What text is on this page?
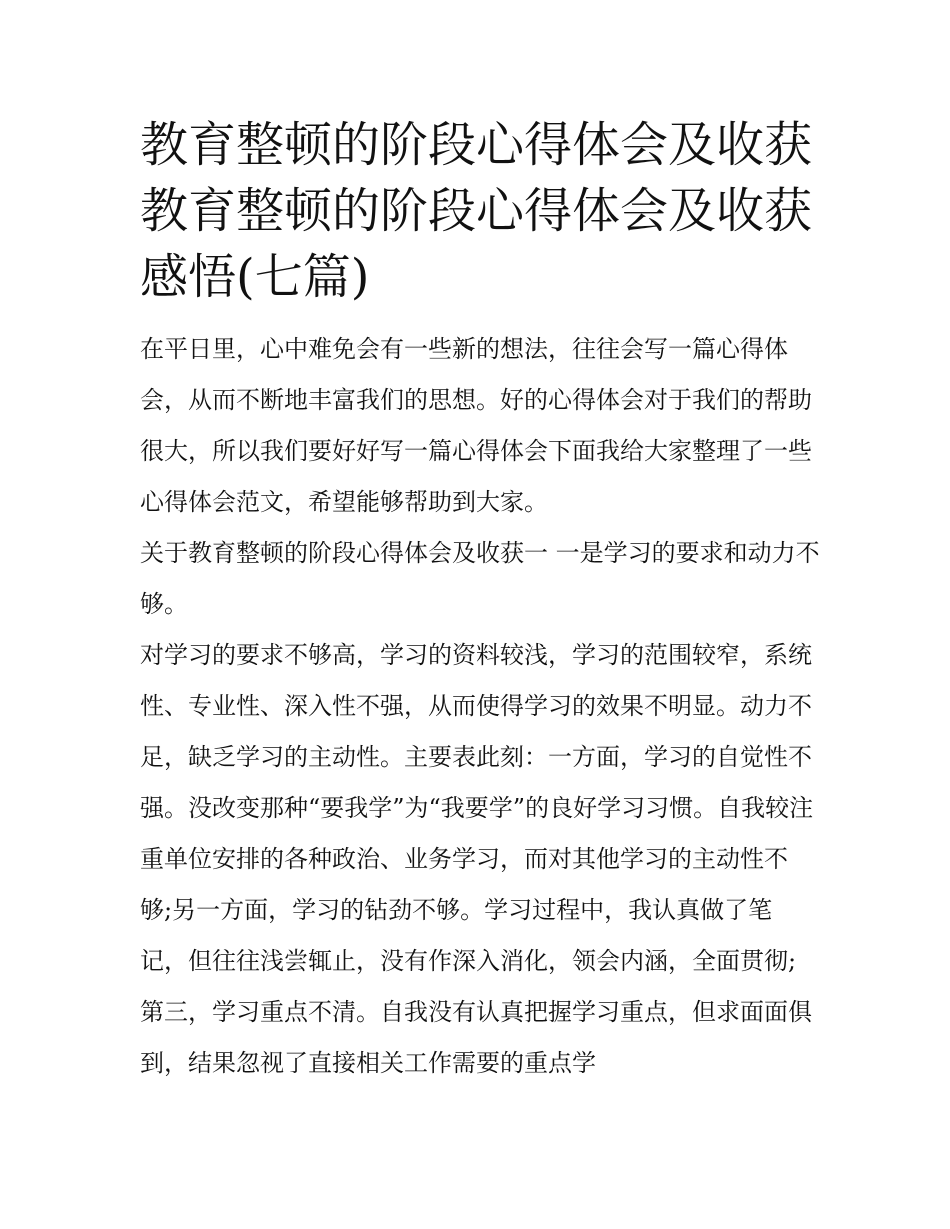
教育整顿的阶段心得体会及收获 教育整顿的阶段心得体会及收获感悟(七篇)

在平日里，心中难免会有一些新的想法，往往会写一篇心得体会，从而不断地丰富我们的思想。好的心得体会对于我们的帮助很大，所以我们要好好写一篇心得体会下面我给大家整理了一些心得体会范文，希望能够帮助到大家。

关于教育整顿的阶段心得体会及收获一 一是学习的要求和动力不够。

对学习的要求不够高，学习的资料较浅，学习的范围较窄，系统性、专业性、深入性不强，从而使得学习的效果不明显。动力不足，缺乏学习的主动性。主要表此刻：一方面，学习的自觉性不强。没改变那种“要我学”为“我要学”的良好学习习惯。自我较注重单位安排的各种政治、业务学习，而对其他学习的主动性不够;另一方面，学习的钻劲不够。学习过程中，我认真做了笔记，但往往浅尝辄止，没有作深入消化，领会内涵，全面贯彻;第三，学习重点不清。自我没有认真把握学习重点，但求面面俱到，结果忽视了直接相关工作需要的重点学
